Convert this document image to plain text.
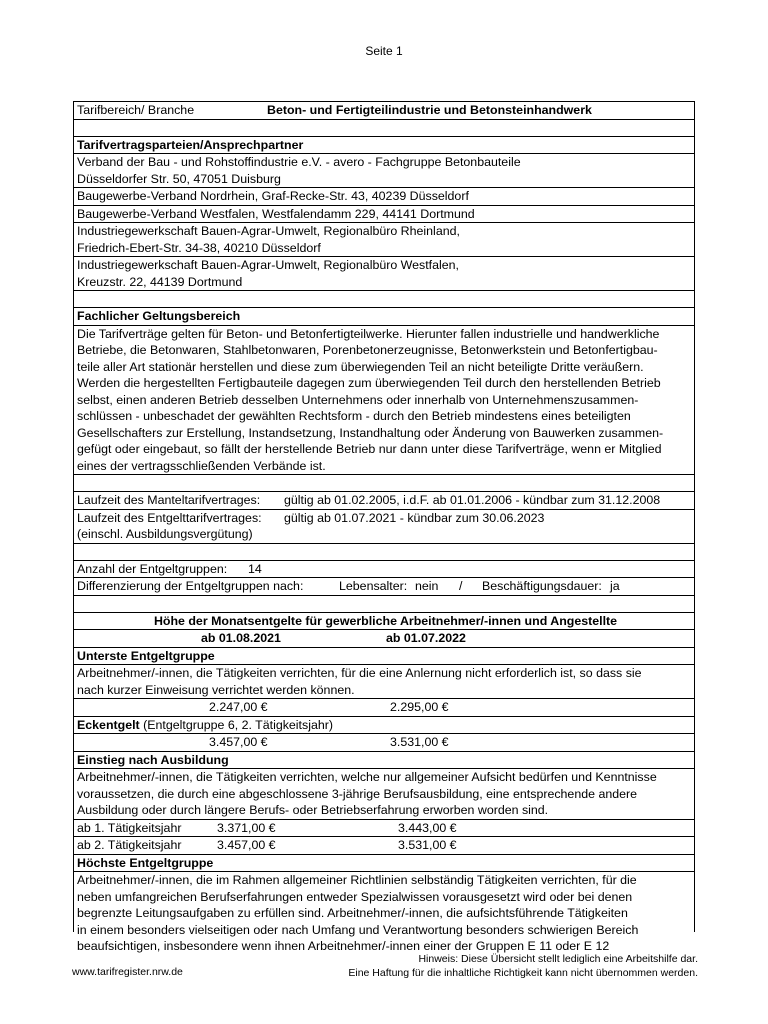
Seite 1
Tarifbereich/ Branche	Beton- und Fertigteilindustrie und Betonsteinhandwerk
Tarifvertragsparteien/Ansprechpartner
Verband der Bau - und Rohstoffindustrie e.V. - avero - Fachgruppe Betonbauteile
Düsseldorfer Str. 50, 47051 Duisburg
Baugewerbe-Verband Nordrhein, Graf-Recke-Str. 43, 40239 Düsseldorf
Baugewerbe-Verband Westfalen, Westfalendamm 229, 44141 Dortmund
Industriegewerkschaft Bauen-Agrar-Umwelt, Regionalbüro Rheinland,
Friedrich-Ebert-Str. 34-38, 40210 Düsseldorf
Industriegewerkschaft Bauen-Agrar-Umwelt, Regionalbüro Westfalen,
Kreuzstr. 22, 44139 Dortmund
Fachlicher Geltungsbereich
Die Tarifverträge gelten für Beton- und Betonfertigteilwerke. Hierunter fallen industrielle und handwerkliche
Betriebe, die Betonwaren, Stahlbetonwaren, Porenbetonerzeugnisse, Betonwerkstein und Betonfertigbau-
teile aller Art stationär herstellen und diese zum überwiegenden Teil an nicht beteiligte Dritte veräußern.
Werden die hergestellten Fertigbauteile dagegen zum überwiegenden Teil durch den herstellenden Betrieb
selbst, einen anderen Betrieb desselben Unternehmens oder innerhalb von Unternehmenszusammen-
schlüssen - unbeschadet der gewählten Rechtsform - durch den Betrieb mindestens eines beteiligten
Gesellschafters zur Erstellung, Instandsetzung, Instandhaltung oder Änderung von Bauwerken zusammen-
gefügt oder eingebaut, so fällt der herstellende Betrieb nur dann unter diese Tarifverträge, wenn er Mitglied
eines der vertragsschließenden Verbände ist.
Laufzeit des Manteltarifvertrages: gültig ab 01.02.2005, i.d.F. ab 01.01.2006 - kündbar zum 31.12.2008
Laufzeit des Entgelttarifvertrages: gültig ab 01.07.2021 - kündbar zum 30.06.2023
(einschl. Ausbildungsvergütung)
Anzahl der Entgeltgruppen: 14
Differenzierung der Entgeltgruppen nach:	Lebensalter: nein / Beschäftigungsdauer: ja
Höhe der Monatsentgelte für gewerbliche Arbeitnehmer/-innen und Angestellte
ab 01.08.2021	ab 01.07.2022

Unterste Entgeltgruppe
Arbeitnehmer/-innen, die Tätigkeiten verrichten, für die eine Anlernung nicht erforderlich ist, so dass sie
nach kurzer Einweisung verrichtet werden können.
2.247,00 €	2.295,00 €

Eckentgelt (Entgeltgruppe 6, 2. Tätigkeitsjahr)
3.457,00 €	3.531,00 €

Einstieg nach Ausbildung
Arbeitnehmer/-innen, die Tätigkeiten verrichten, welche nur allgemeiner Aufsicht bedürfen und Kenntnisse
voraussetzen, die durch eine abgeschlossene 3-jährige Berufsausbildung, eine entsprechende andere
Ausbildung oder durch längere Berufs- oder Betriebserfahrung erworben worden sind.
ab 1. Tätigkeitsjahr	3.371,00 €	3.443,00 €
ab 2. Tätigkeitsjahr	3.457,00 €	3.531,00 €
Höchste Entgeltgruppe
Arbeitnehmer/-innen, die im Rahmen allgemeiner Richtlinien selbständig Tätigkeiten verrichten, für die
neben umfangreichen Berufserfahrungen entweder Spezialwissen vorausgesetzt wird oder bei denen
begrenzte Leitungsaufgaben zu erfüllen sind. Arbeitnehmer/-innen, die aufsichtsführende Tätigkeiten
in einem besonders vielseitigen oder nach Umfang und Verantwortung besonders schwierigen Bereich
beaufsichtigen, insbesondere wenn ihnen Arbeitnehmer/-innen einer der Gruppen E 11 oder E 12
www.tarifregister.nrw.de
Hinweis: Diese Übersicht stellt lediglich eine Arbeitshilfe dar.
Eine Haftung für die inhaltliche Richtigkeit kann nicht übernommen werden.
